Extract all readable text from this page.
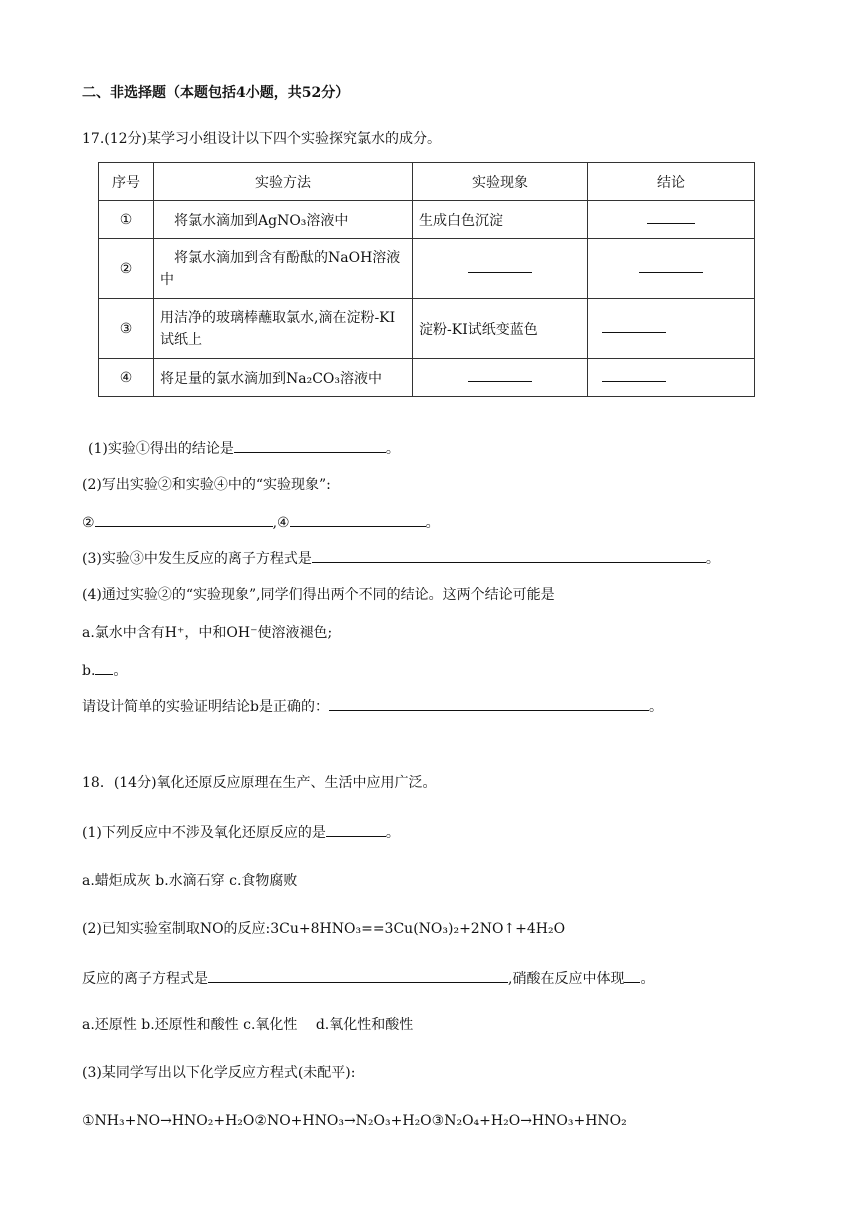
二、非选择题（本题包括4小题，共52分）
17.(12分)某学习小组设计以下四个实验探究氯水的成分。
序号	实验方法	实验现象	结论
①	　将氯水滴加到AgNO₃溶液中	生成白色沉淀	
②	　将氯水滴加到含有酚酞的NaOH溶液中		
③	用洁净的玻璃棒蘸取氯水,滴在淀粉-KI试纸上	淀粉-KI试纸变蓝色	
④	将足量的氯水滴加到Na₂CO₃溶液中		
(1)实验①得出的结论是	。
(2)写出实验②和实验④中的“实验现象”:
②	,④	。
(3)实验③中发生反应的离子方程式是	。
(4)通过实验②的“实验现象”,同学们得出两个不同的结论。这两个结论可能是
a.氯水中含有H⁺，中和OH⁻使溶液褪色;
b. 。
请设计简单的实验证明结论b是正确的：	。
18．(14分)氧化还原反应原理在生产、生活中应用广泛。
(1)下列反应中不涉及氧化还原反应的是	。
a.蜡炬成灰 b.水滴石穿 c.食物腐败
(2)已知实验室制取NO的反应:3Cu+8HNO₃==3Cu(NO₃)₂+2NO↑+4H₂O
反应的离子方程式是	,硝酸在反应中体现 。
a.还原性 b.还原性和酸性 c.氧化性　 d.氧化性和酸性
(3)某同学写出以下化学反应方程式(未配平):
①NH₃+NO→HNO₂+H₂O②NO+HNO₃→N₂O₃+H₂O③N₂O₄+H₂O→HNO₃+HNO₂
